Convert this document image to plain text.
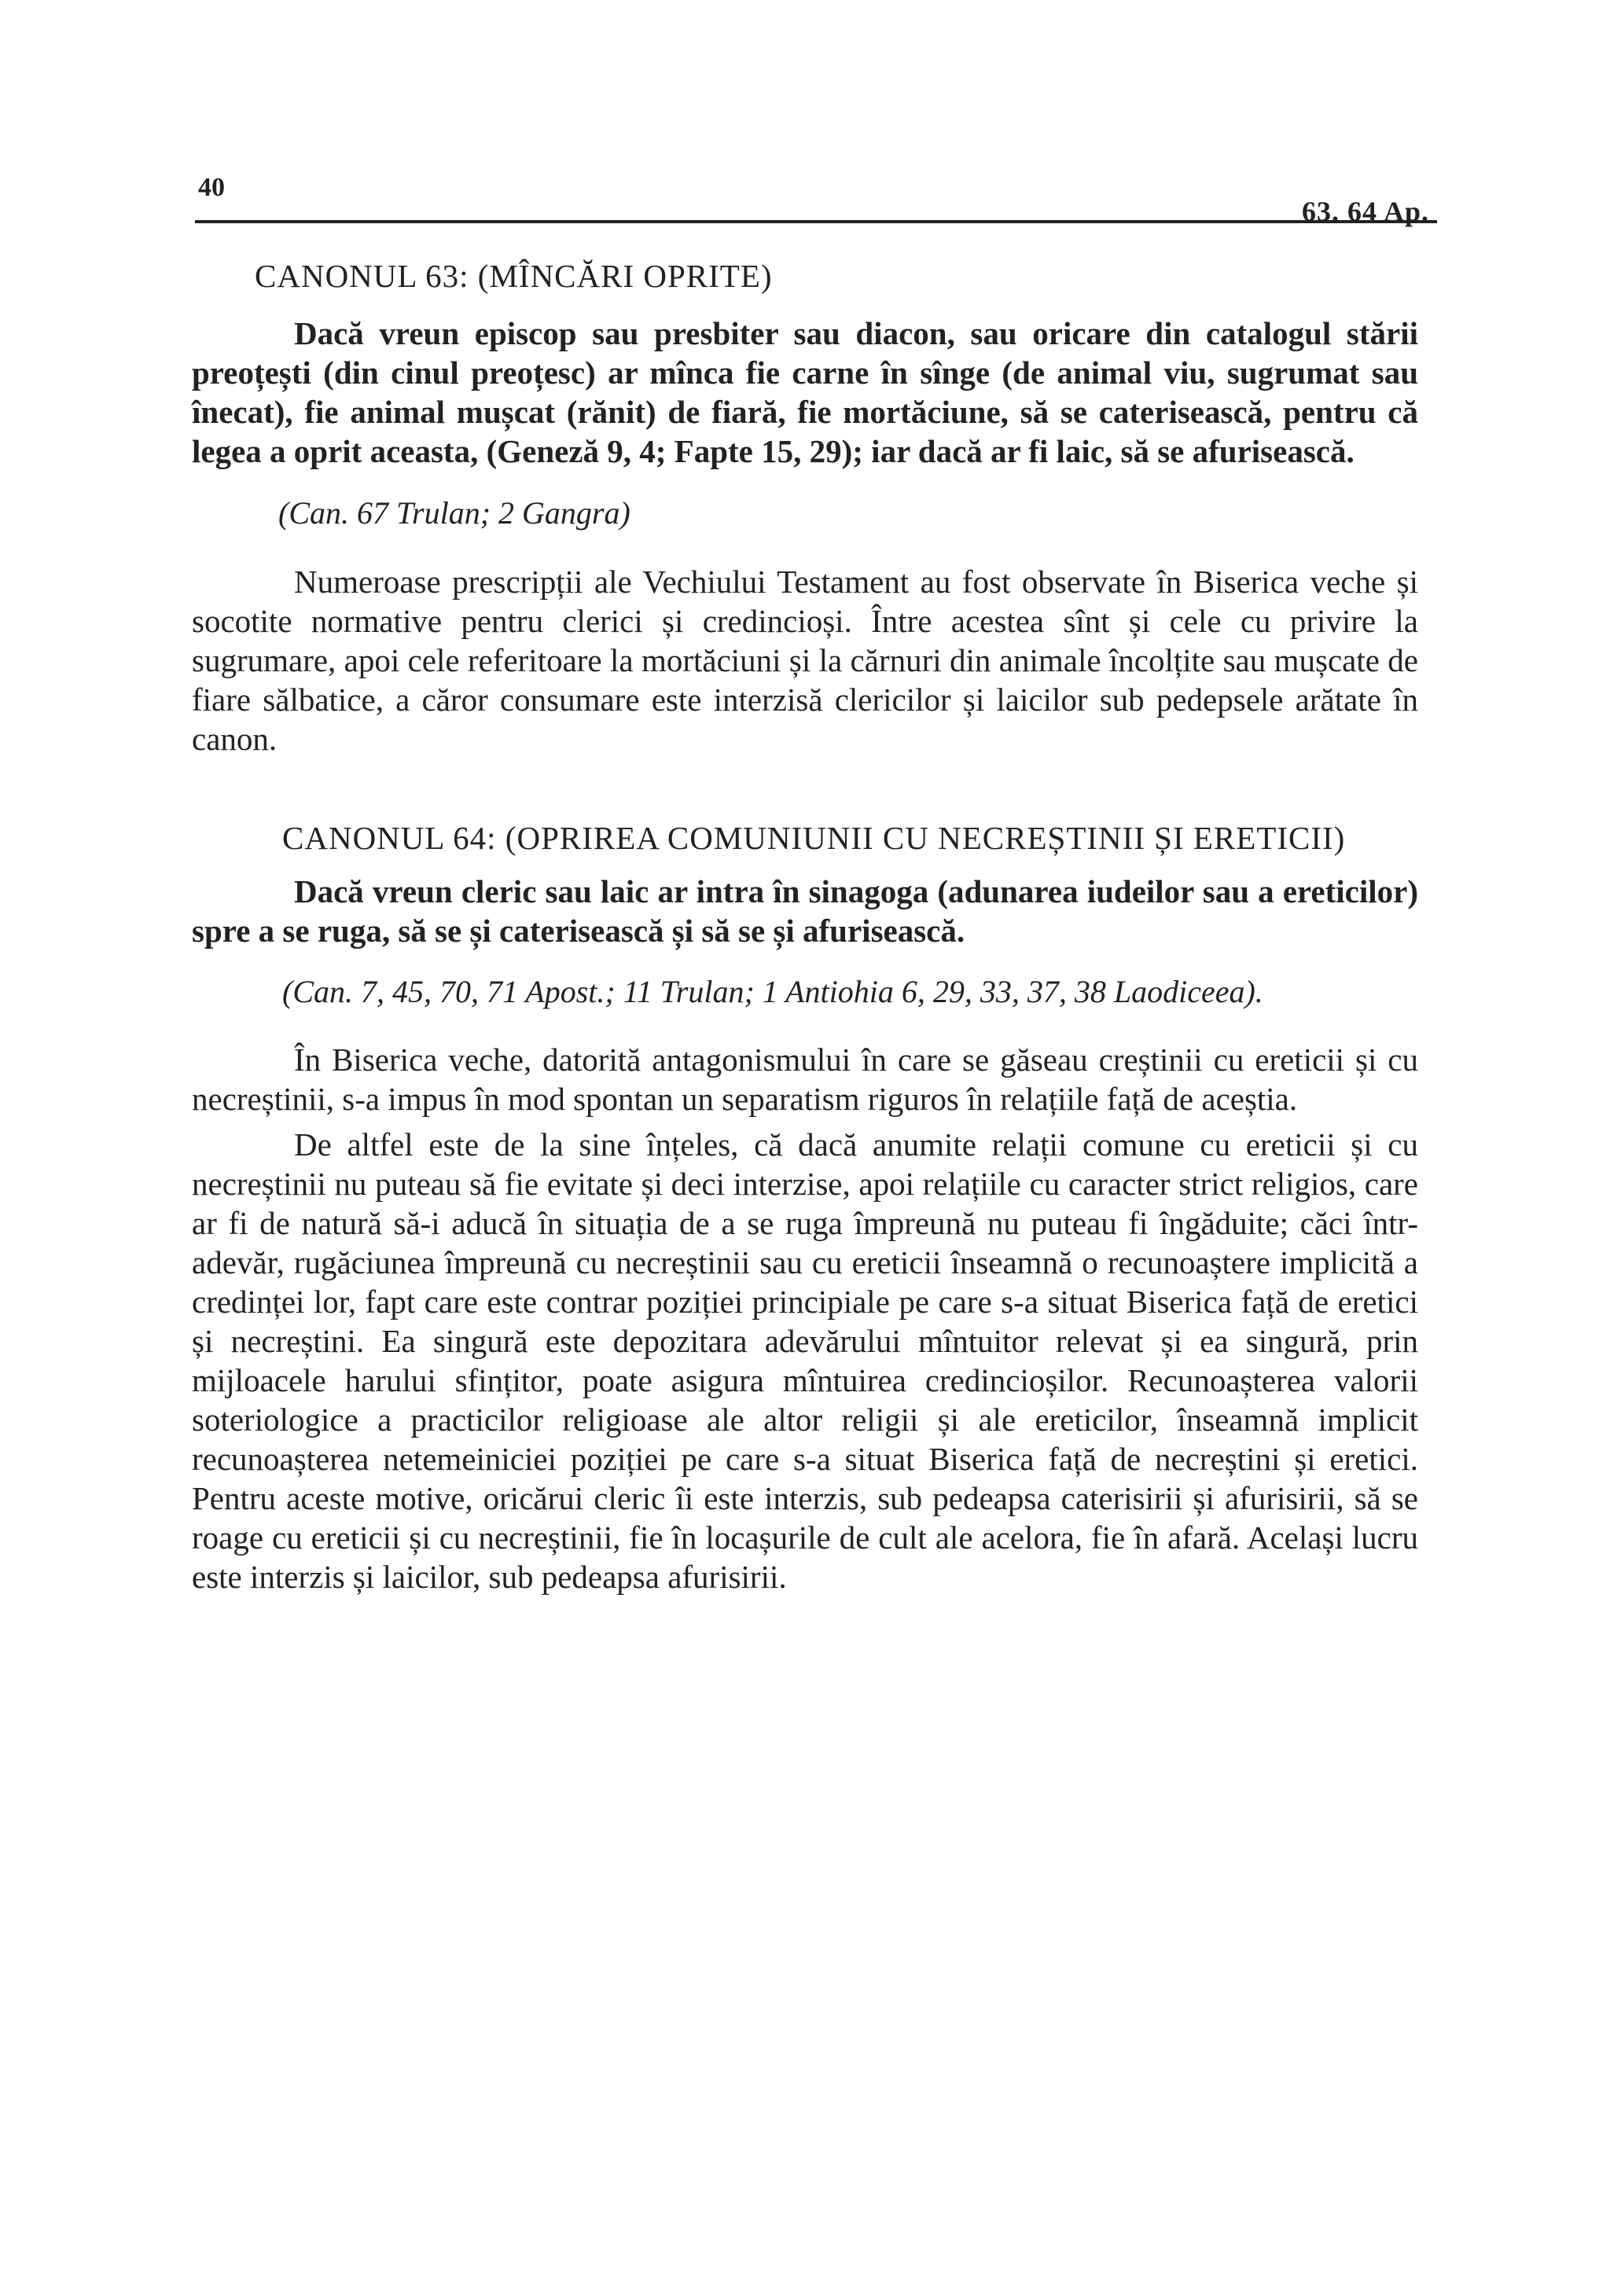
40
63. 64 Ap.
CANONUL 63: (MÎNCĂRI OPRITE)

Dacă vreun episcop sau presbiter sau diacon, sau oricare din catalogul stării preoțești (din cinul preoțesc) ar mînca fie carne în sînge (de animal viu, sugrumat sau înecat), fie animal mușcat (rănit) de fiară, fie mortăciune, să se caterisească, pentru că legea a oprit aceasta, (Geneză 9, 4; Fapte 15, 29); iar dacă ar fi laic, să se afurisească.

(Can. 67 Trulan; 2 Gangra)

Numeroase prescripții ale Vechiului Testament au fost observate în Biserica veche și socotite normative pentru clerici și credincioși. Între acestea sînt și cele cu privire la sugrumare, apoi cele referitoare la mortăciuni și la cărnuri din animale încolțite sau mușcate de fiare sălbatice, a căror consumare este interzisă clericilor și laicilor sub pedepsele arătate în canon.

CANONUL 64: (OPRIREA COMUNIUNII CU NECREȘTINII ȘI ERETICII)

Dacă vreun cleric sau laic ar intra în sinagoga (adunarea iudeilor sau a ereticilor) spre a se ruga, să se și caterisească și să se și afurisească.

(Can. 7, 45, 70, 71 Apost.; 11 Trulan; 1 Antiohia 6, 29, 33, 37, 38 Laodiceea).

În Biserica veche, datorită antagonismului în care se găseau creștinii cu ereticii și cu necreștinii, s-a impus în mod spontan un separatism riguros în relațiile față de aceștia.

De altfel este de la sine înțeles, că dacă anumite relații comune cu ereticii și cu necreștinii nu puteau să fie evitate și deci interzise, apoi relațiile cu caracter strict religios, care ar fi de natură să-i aducă în situația de a se ruga împreună nu puteau fi îngăduite; căci într-adevăr, rugăciunea împreună cu necreștinii sau cu ereticii înseamnă o recunoaștere implicită a credinței lor, fapt care este contrar poziției principiale pe care s-a situat Biserica față de eretici și necreștini. Ea singură este depozitara adevărului mîntuitor relevat și ea singură, prin mijloacele harului sfințitor, poate asigura mîntuirea credincioșilor. Recunoașterea valorii soteriologice a practicilor religioase ale altor religii și ale ereticilor, înseamnă implicit recunoașterea netemeiniciei poziției pe care s-a situat Biserica față de necreștini și eretici. Pentru aceste motive, oricărui cleric îi este interzis, sub pedeapsa caterisirii și afurisirii, să se roage cu ereticii și cu necreștinii, fie în locașurile de cult ale acelora, fie în afară. Același lucru este interzis și laicilor, sub pedeapsa afurisirii.
